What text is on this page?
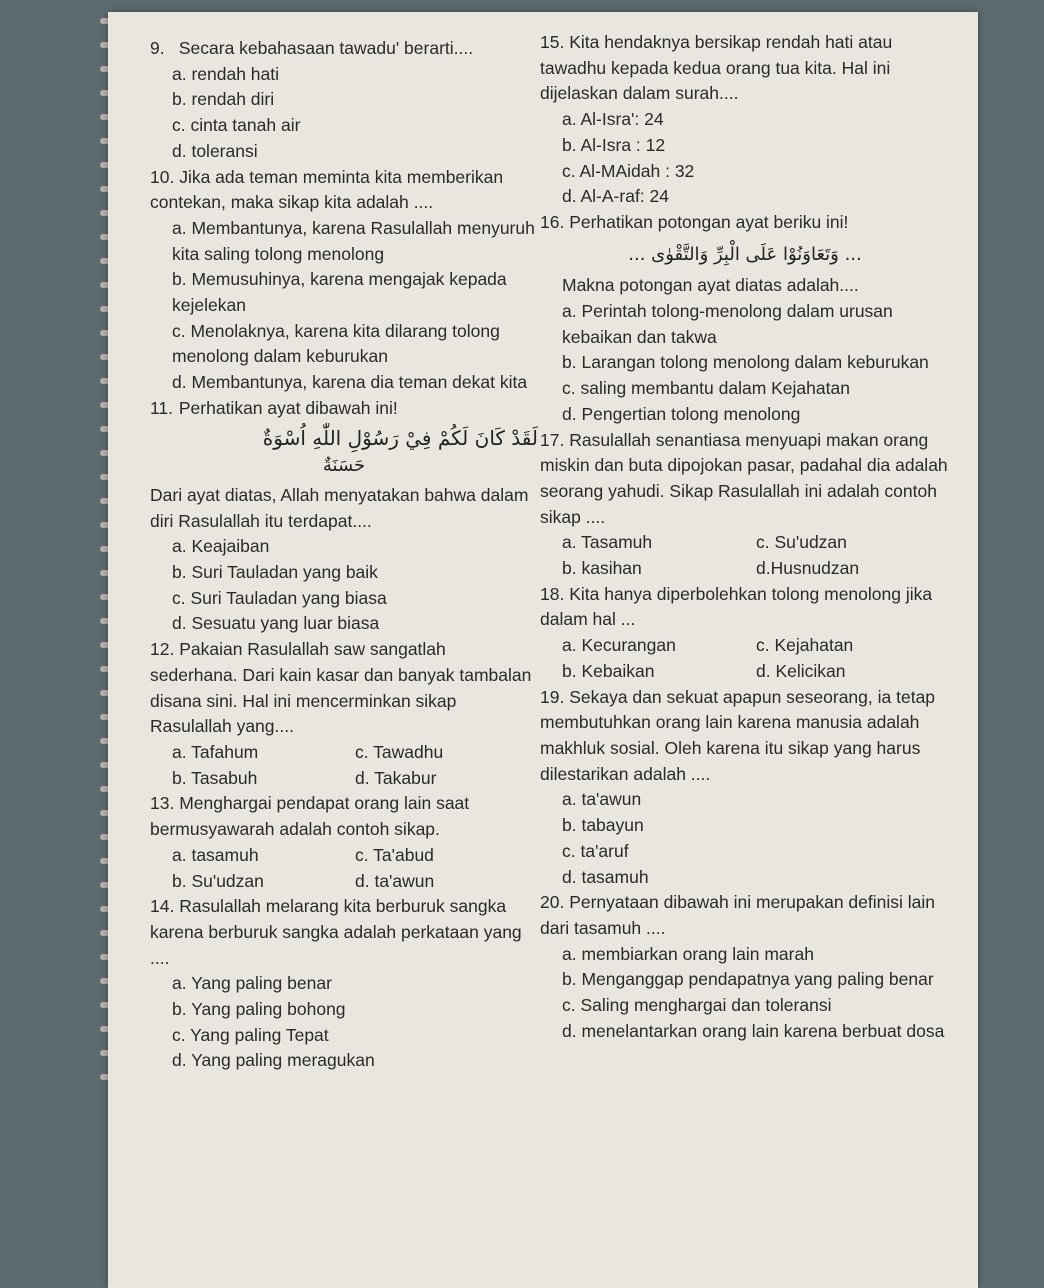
9. Secara kebahasaan tawadu' berarti....
a. rendah hati
b. rendah diri
c. cinta tanah air
d. toleransi
10. Jika ada teman meminta kita memberikan contekan, maka sikap kita adalah ....
a. Membantunya, karena Rasulallah menyuruh kita saling tolong menolong
b. Memusuhinya, karena mengajak kepada kejelekan
c. Menolaknya, karena kita dilarang tolong menolong dalam keburukan
d. Membantunya, karena dia teman dekat kita
11. Perhatikan ayat dibawah ini!
لَقَدْ كَانَ لَكُمْ فِيْ رَسُوْلِ اللّٰهِ اُسْوَةٌ
حَسَنَةٌ
Dari ayat diatas, Allah menyatakan bahwa dalam diri Rasulallah itu terdapat....
a. Keajaiban
b. Suri Tauladan yang baik
c. Suri Tauladan yang biasa
d. Sesuatu yang luar biasa
12. Pakaian Rasulallah saw sangatlah sederhana. Dari kain kasar dan banyak tambalan disana sini. Hal ini mencerminkan sikap Rasulallah yang....
a. Tafahum	c. Tawadhu
b. Tasabuh	d. Takabur
13. Menghargai pendapat orang lain saat bermusyawarah adalah contoh sikap.
a. tasamuh	c. Ta'abud
b. Su'udzan	d. ta'awun
14. Rasulallah melarang kita berburuk sangka karena berburuk sangka adalah perkataan yang ....
a. Yang paling benar
b. Yang paling bohong
c. Yang paling Tepat
d. Yang paling meragukan
15. Kita hendaknya bersikap rendah hati atau tawadhu kepada kedua orang tua kita. Hal ini dijelaskan dalam surah....
a. Al-Isra': 24
b. Al-Isra : 12
c. Al-MAidah : 32
d. Al-A-raf: 24
16. Perhatikan potongan ayat beriku ini!
... وَتَعَاوَنُوْا عَلَى الْبِرِّ وَالتَّقْوٰى ...
Makna potongan ayat diatas adalah....
a. Perintah tolong-menolong dalam urusan kebaikan dan takwa
b. Larangan tolong menolong dalam keburukan
c. saling membantu dalam Kejahatan
d. Pengertian tolong menolong
17. Rasulallah senantiasa menyuapi makan orang miskin dan buta dipojokan pasar, padahal dia adalah seorang yahudi. Sikap Rasulallah ini adalah contoh sikap ....
a. Tasamuh	c. Su'udzan
b. kasihan	d.Husnudzan
18. Kita hanya diperbolehkan tolong menolong jika dalam hal ...
a. Kecurangan	c. Kejahatan
b. Kebaikan	d. Kelicikan
19. Sekaya dan sekuat apapun seseorang, ia tetap membutuhkan orang lain karena manusia adalah makhluk sosial. Oleh karena itu sikap yang harus dilestarikan adalah ....
a. ta'awun
b. tabayun
c. ta'aruf
d. tasamuh
20. Pernyataan dibawah ini merupakan definisi lain dari tasamuh ....
a. membiarkan orang lain marah
b. Menganggap pendapatnya yang paling benar
c. Saling menghargai dan toleransi
d. menelantarkan orang lain karena berbuat dosa
